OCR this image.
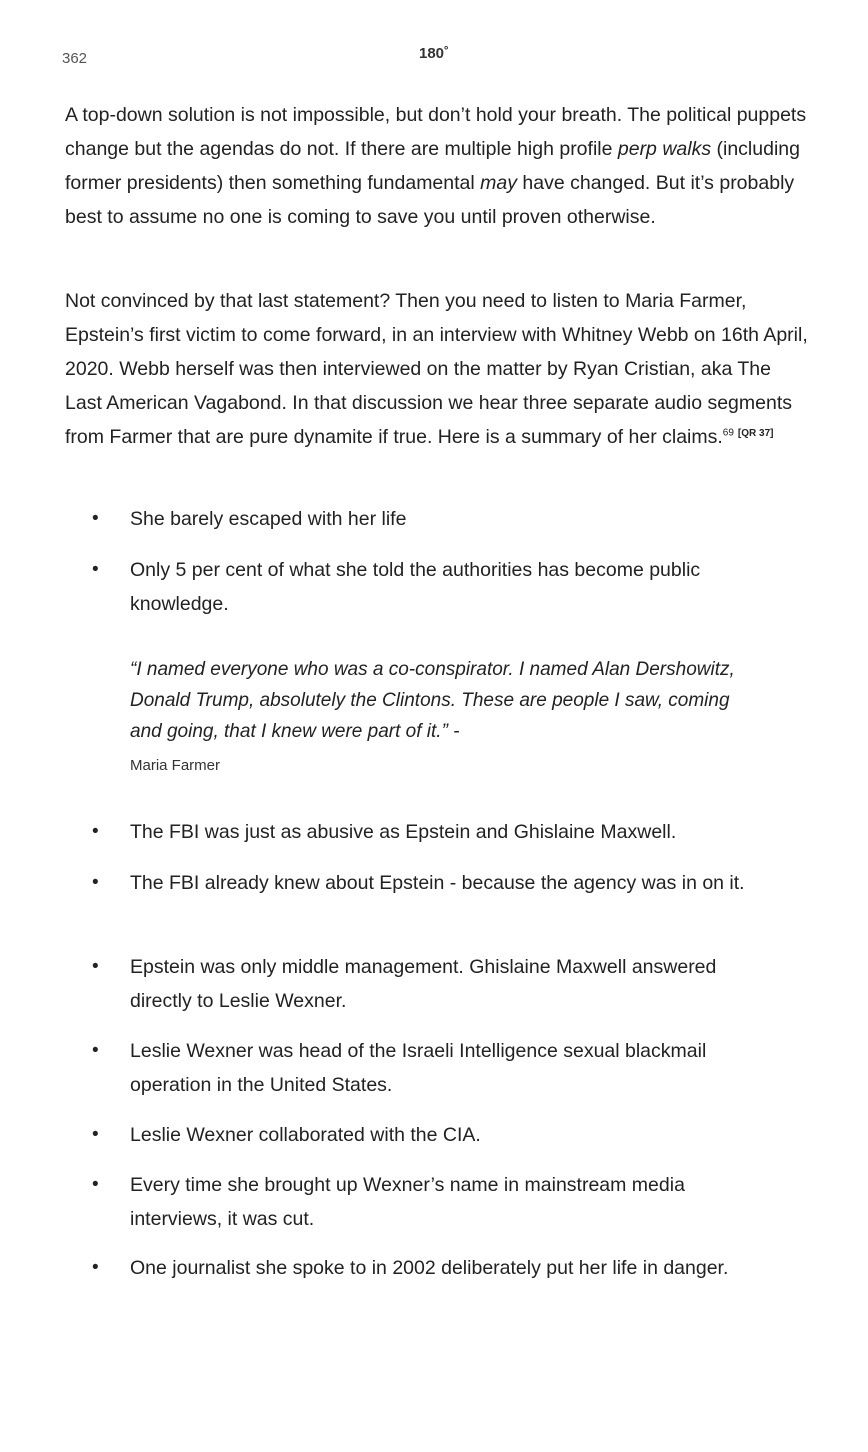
362	180˚

A top-down solution is not impossible, but don’t hold your breath. The political puppets change but the agendas do not. If there are multiple high profile perp walks (including former presidents) then something fundamental may have changed. But it’s probably best to assume no one is coming to save you until proven otherwise.

Not convinced by that last statement? Then you need to listen to Maria Farmer, Epstein’s first victim to come forward, in an interview with Whitney Webb on 16th April, 2020. Webb herself was then interviewed on the matter by Ryan Cristian, aka The Last American Vagabond. In that discussion we hear three separate audio segments from Farmer that are pure dynamite if true. Here is a summary of her claims.$^{69}$ [QR 37]

•	She barely escaped with her life
•	Only 5 per cent of what she told the authorities has become public knowledge.
“I named everyone who was a co-conspirator. I named Alan Dershowitz, Donald Trump, absolutely the Clintons. These are people I saw, coming and going, that I knew were part of it.” -
Maria Farmer
•	The FBI was just as abusive as Epstein and Ghislaine Maxwell.
•	The FBI already knew about Epstein - because the agency was in on it.
•	Epstein was only middle management. Ghislaine Maxwell answered directly to Leslie Wexner.
•	Leslie Wexner was head of the Israeli Intelligence sexual blackmail operation in the United States.
•	Leslie Wexner collaborated with the CIA.
•	Every time she brought up Wexner’s name in mainstream media interviews, it was cut.
•	One journalist she spoke to in 2002 deliberately put her life in danger.
